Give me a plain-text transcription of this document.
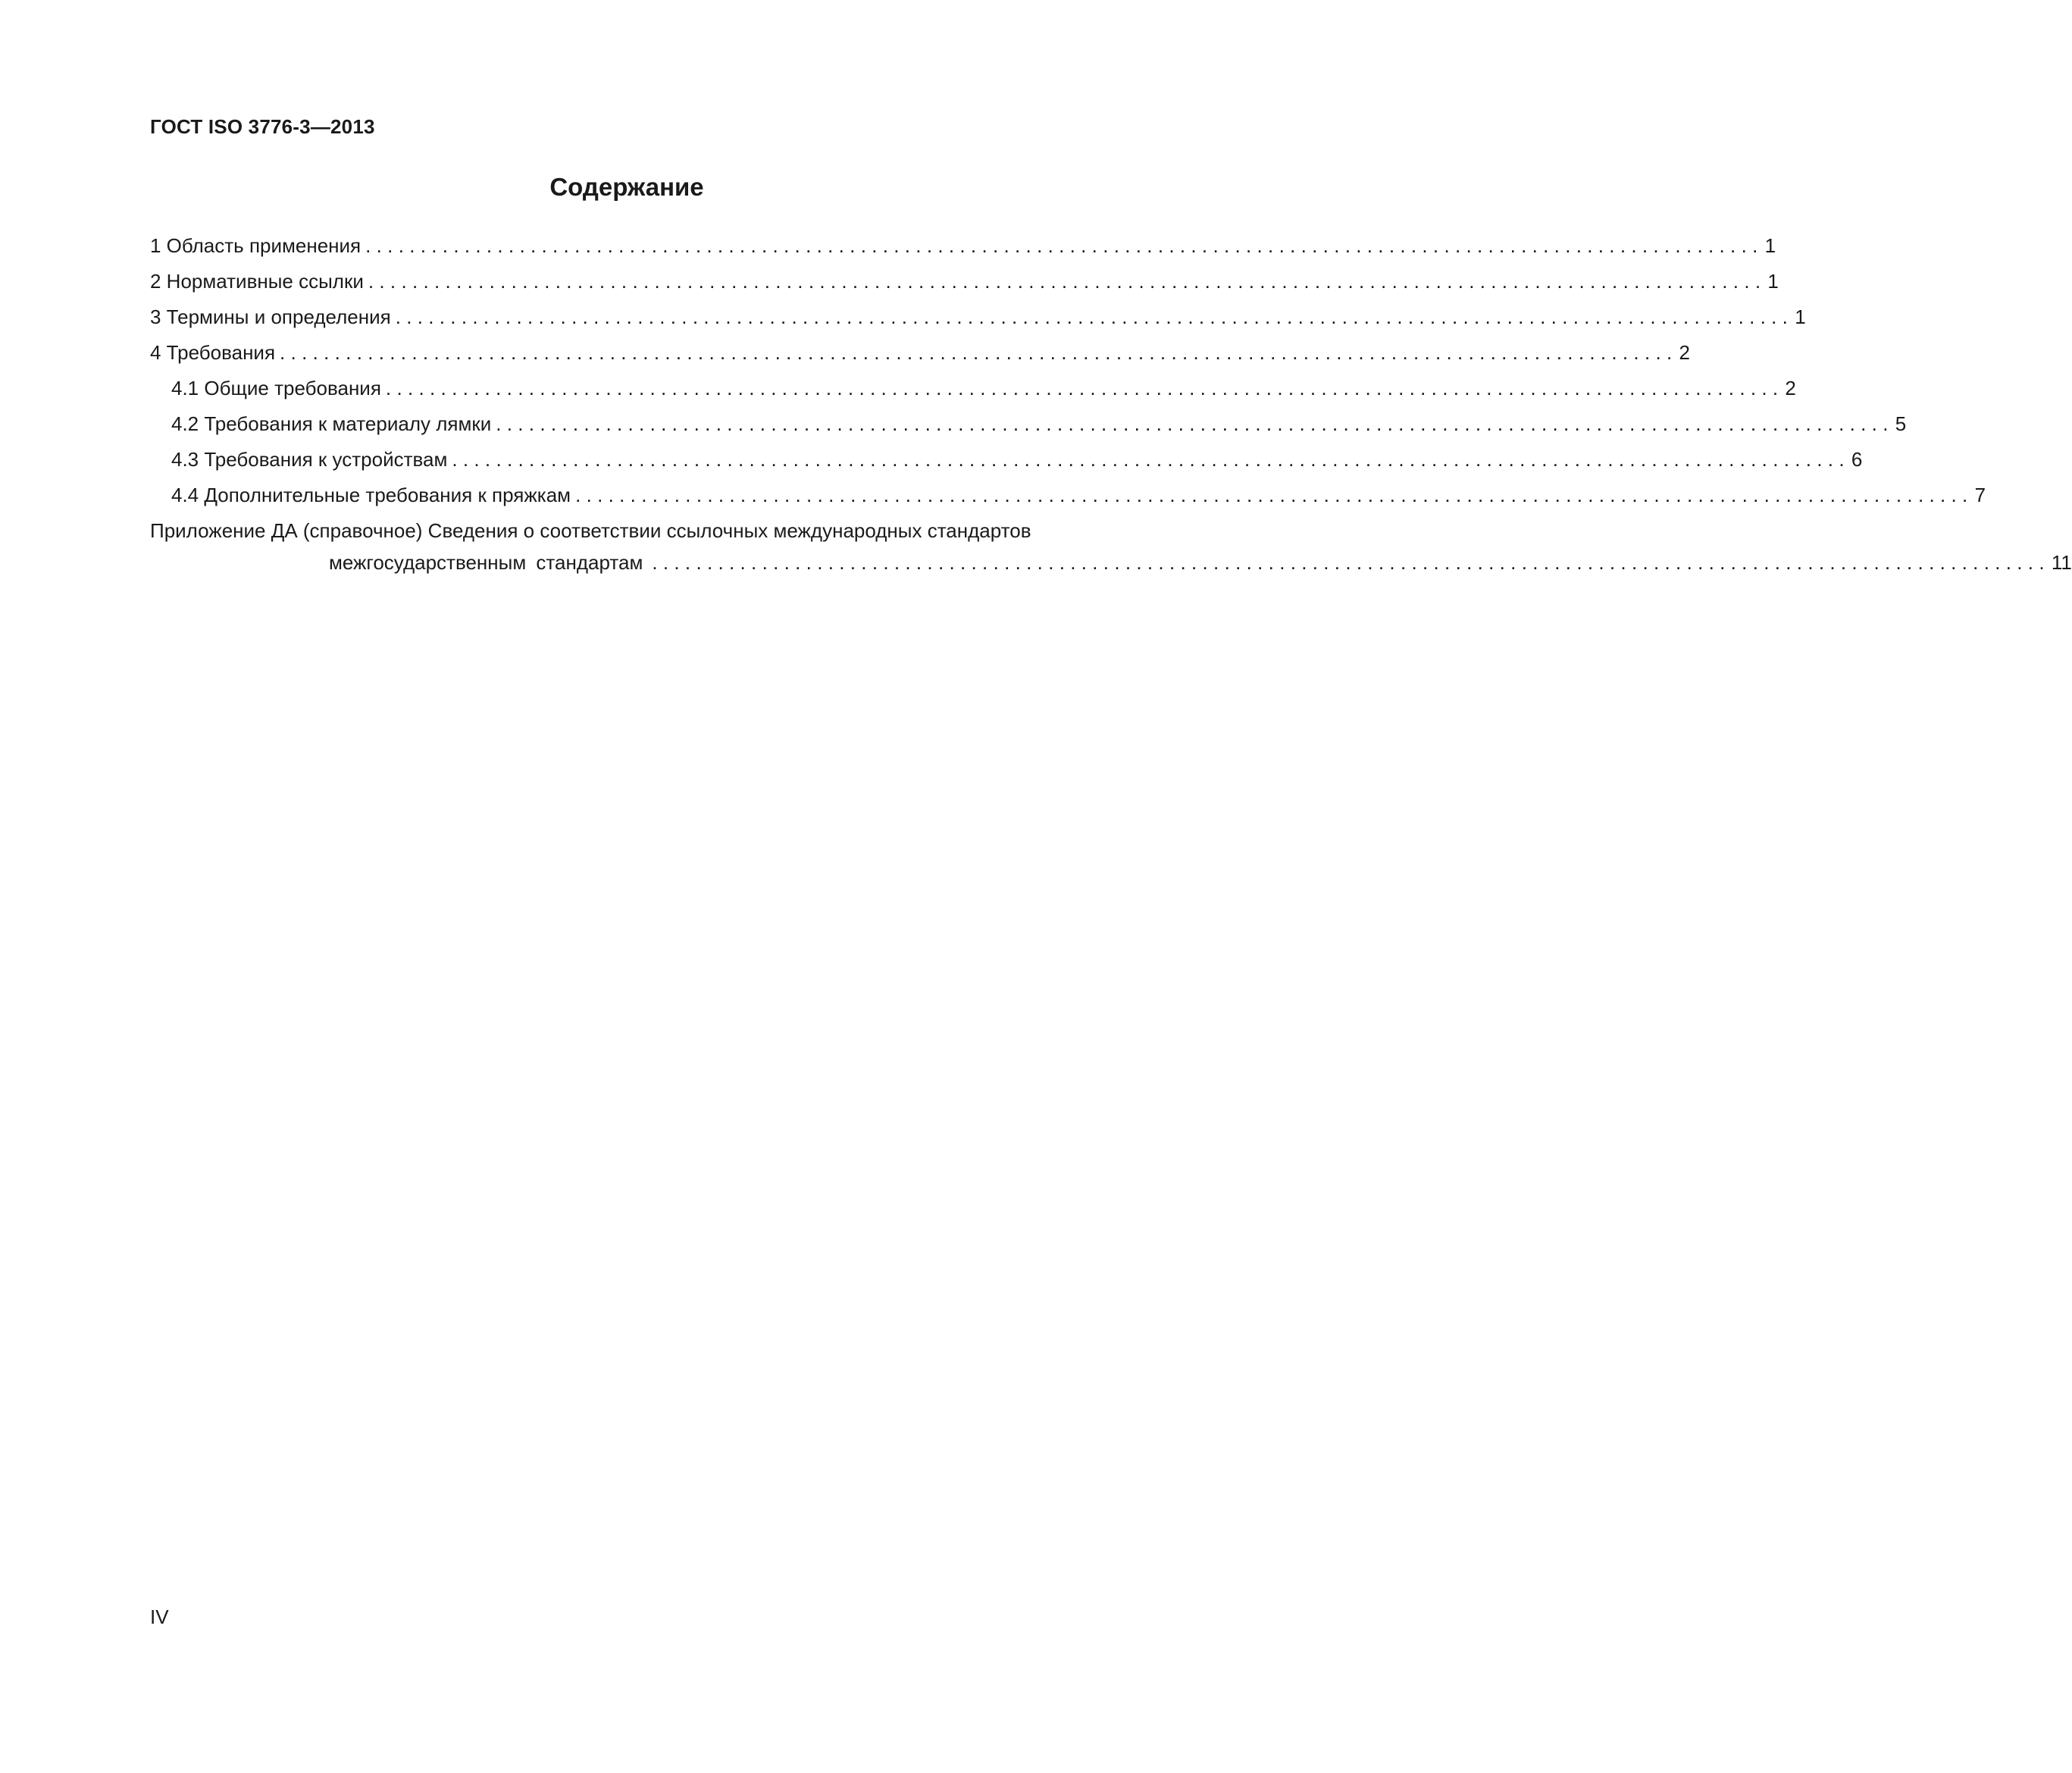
ГОСТ ISO 3776-3—2013
Содержание
1 Область применения ............................................................................................................................... 1
2 Нормативные ссылки ............................................................................................................................... 1
3 Термины и определения ............................................................................................................................... 1
4 Требования ............................................................................................................................... 2
4.1 Общие требования ............................................................................................................................... 2
4.2 Требования к материалу лямки ............................................................................................................................... 5
4.3 Требования к устройствам ............................................................................................................................... 6
4.4 Дополнительные требования к пряжкам ............................................................................................................................... 7
Приложение ДА (справочное) Сведения о соответствии ссылочных международных стандартов
межгосударственным стандартам ............................................................................................................................... 11
IV
